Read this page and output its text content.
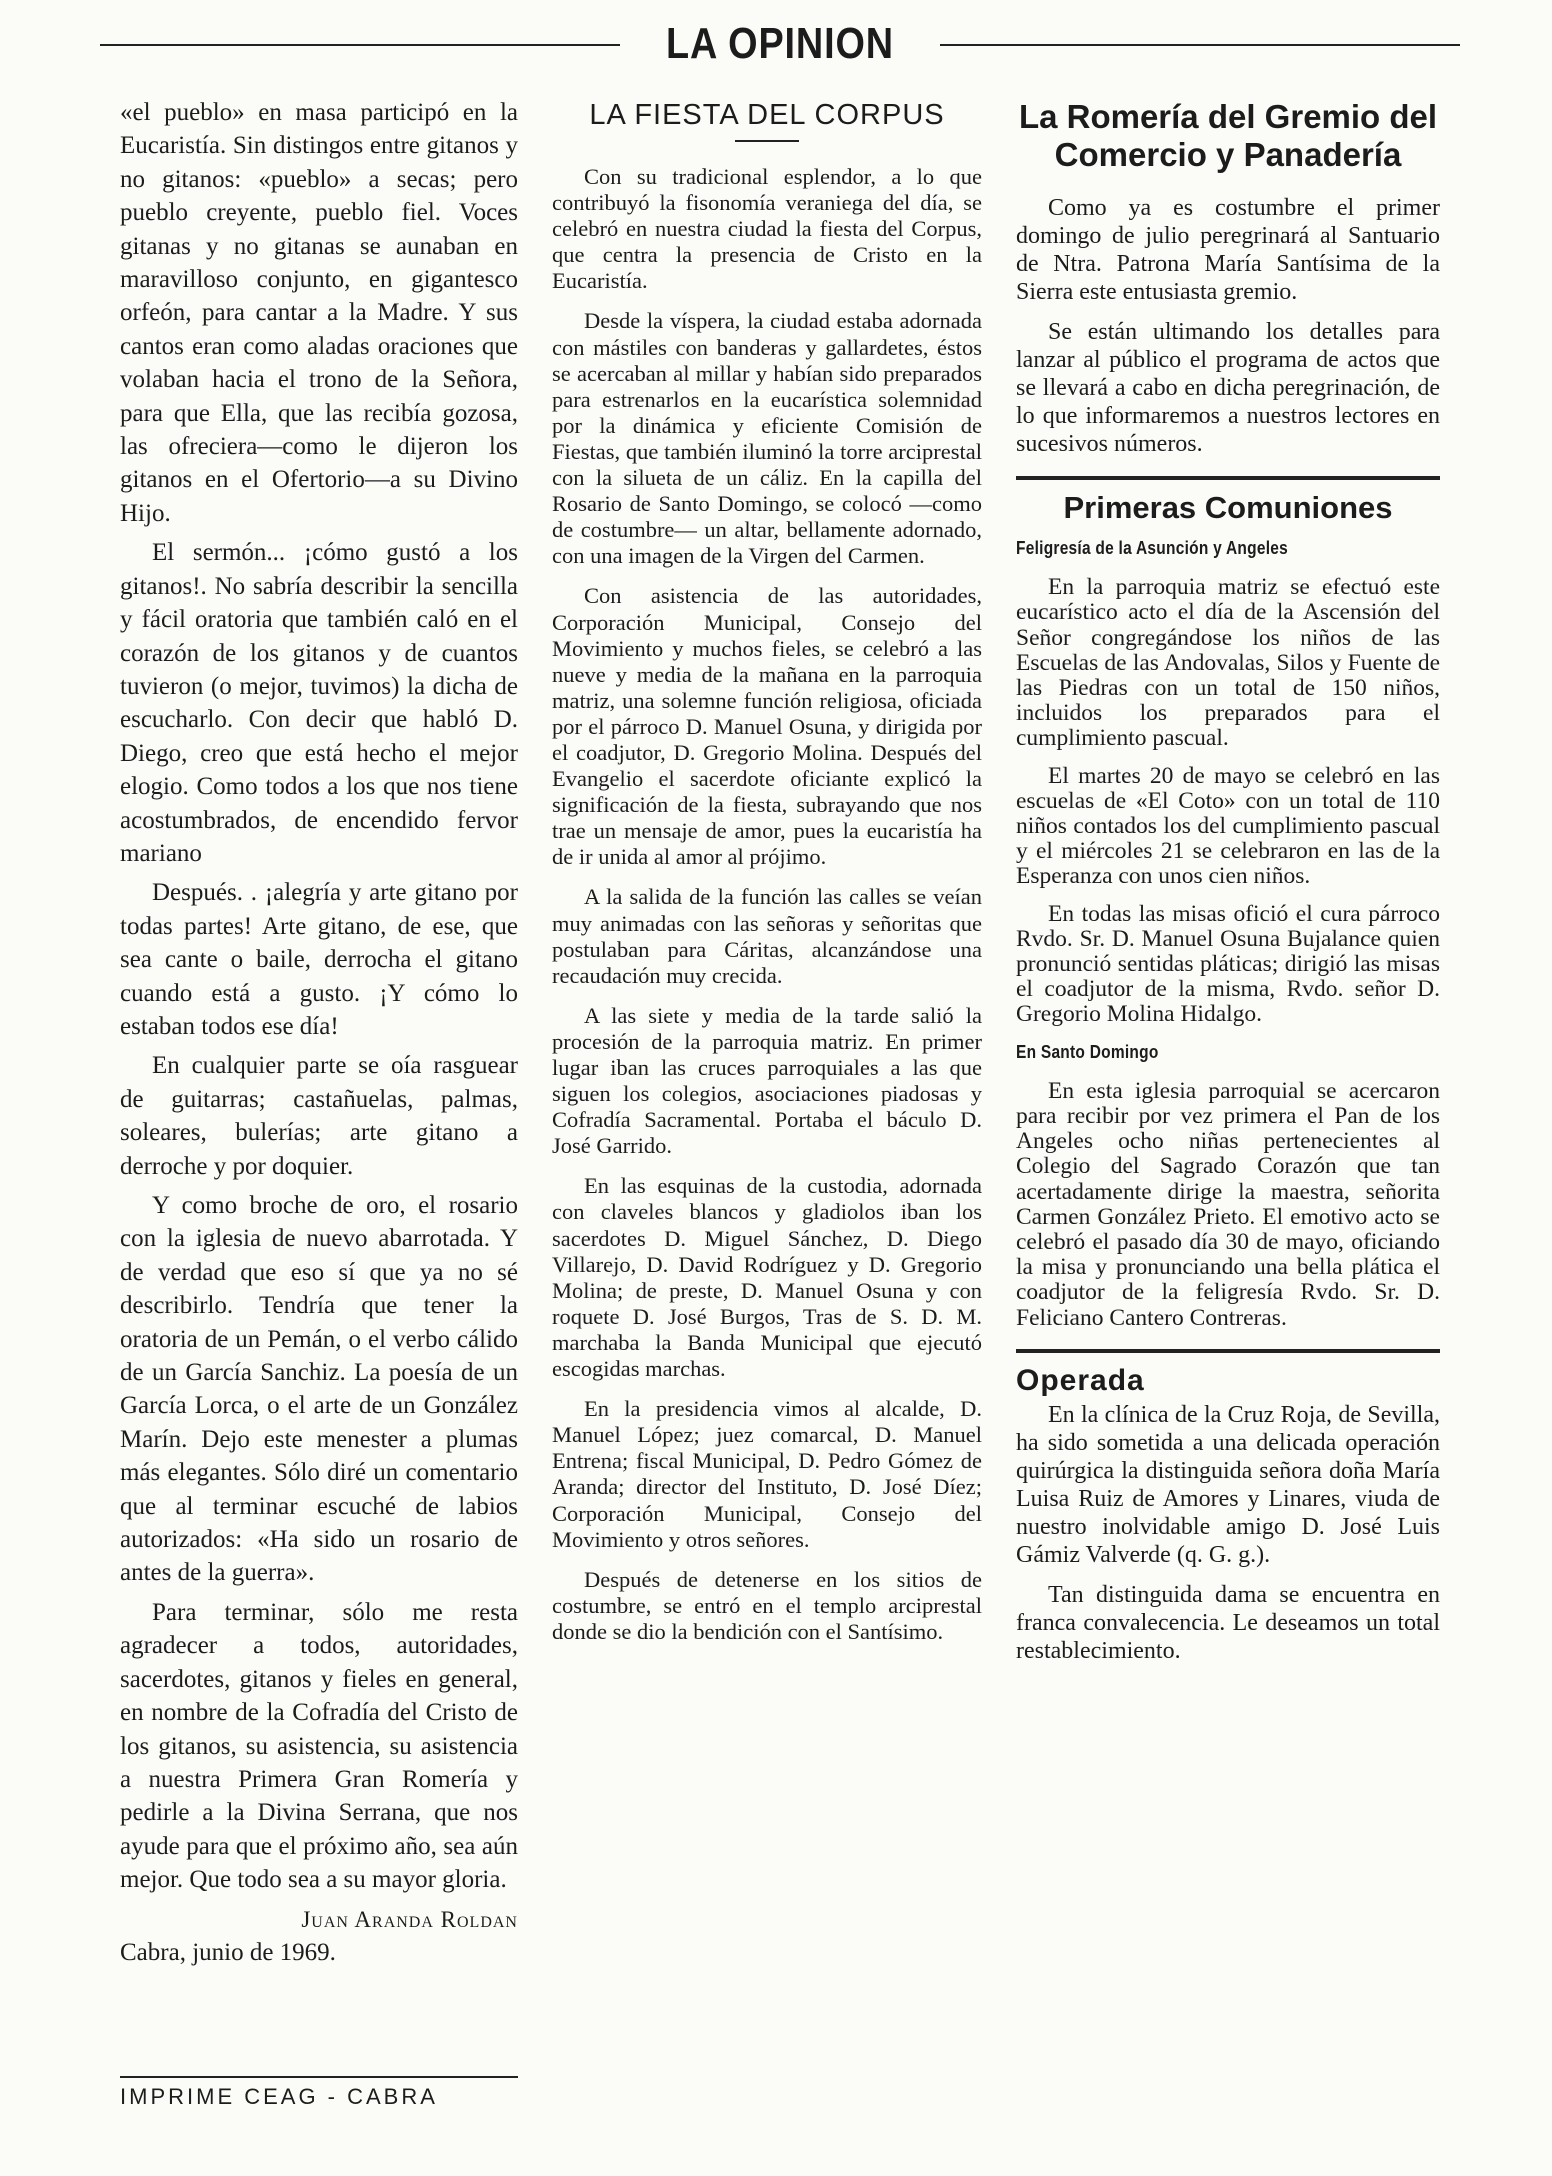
LA OPINION

«el pueblo» en masa participó en la Eucaristía. Sin distingos entre gitanos y no gitanos: «pueblo» a secas; pero pueblo creyente, pueblo fiel. Voces gitanas y no gitanas se aunaban en maravilloso conjunto, en gigantesco orfeón, para cantar a la Madre. Y sus cantos eran como aladas oraciones que volaban hacia el trono de la Señora, para que Ella, que las recibía gozosa, las ofreciera—como le dijeron los gitanos en el Ofertorio—a su Divino Hijo.

El sermón... ¡cómo gustó a los gitanos!. No sabría describir la sencilla y fácil oratoria que también caló en el corazón de los gitanos y de cuantos tuvieron (o mejor, tuvimos) la dicha de escucharlo. Con decir que habló D. Diego, creo que está hecho el mejor elogio. Como todos a los que nos tiene acostumbrados, de encendido fervor mariano

Después. . ¡alegría y arte gitano por todas partes! Arte gitano, de ese, que sea cante o baile, derrocha el gitano cuando está a gusto. ¡Y cómo lo estaban todos ese día!

En cualquier parte se oía rasguear de guitarras; castañuelas, palmas, soleares, bulerías; arte gitano a derroche y por doquier.

Y como broche de oro, el rosario con la iglesia de nuevo abarrotada. Y de verdad que eso sí que ya no sé describirlo. Tendría que tener la oratoria de un Pemán, o el verbo cálido de un García Sanchiz. La poesía de un García Lorca, o el arte de un González Marín. Dejo este menester a plumas más elegantes. Sólo diré un comentario que al terminar escuché de labios autorizados: «Ha sido un rosario de antes de la guerra».

Para terminar, sólo me resta agradecer a todos, autoridades, sacerdotes, gitanos y fieles en general, en nombre de la Cofradía del Cristo de los gitanos, su asistencia, su asistencia a nuestra Primera Gran Romería y pedirle a la Divina Serrana, que nos ayude para que el próximo año, sea aún mejor. Que todo sea a su mayor gloria.

Juan Aranda Roldan

Cabra, junio de 1969.

IMPRIME CEAG - CABRA
LA FIESTA DEL CORPUS

Con su tradicional esplendor, a lo que contribuyó la fisonomía veraniega del día, se celebró en nuestra ciudad la fiesta del Corpus, que centra la presencia de Cristo en la Eucaristía.

Desde la víspera, la ciudad estaba adornada con mástiles con banderas y gallardetes, éstos se acercaban al millar y habían sido preparados para estrenarlos en la eucarística solemnidad por la dinámica y eficiente Comisión de Fiestas, que también iluminó la torre arciprestal con la silueta de un cáliz. En la capilla del Rosario de Santo Domingo, se colocó —como de costumbre— un altar, bellamente adornado, con una imagen de la Virgen del Carmen.

Con asistencia de las autoridades, Corporación Municipal, Consejo del Movimiento y muchos fieles, se celebró a las nueve y media de la mañana en la parroquia matriz, una solemne función religiosa, oficiada por el párroco D. Manuel Osuna, y dirigida por el coadjutor, D. Gregorio Molina. Después del Evangelio el sacerdote oficiante explicó la significación de la fiesta, subrayando que nos trae un mensaje de amor, pues la eucaristía ha de ir unida al amor al prójimo.

A la salida de la función las calles se veían muy animadas con las señoras y señoritas que postulaban para Cáritas, alcanzándose una recaudación muy crecida.

A las siete y media de la tarde salió la procesión de la parroquia matriz. En primer lugar iban las cruces parroquiales a las que siguen los colegios, asociaciones piadosas y Cofradía Sacramental. Portaba el báculo D. José Garrido.

En las esquinas de la custodia, adornada con claveles blancos y gladiolos iban los sacerdotes D. Miguel Sánchez, D. Diego Villarejo, D. David Rodríguez y D. Gregorio Molina; de preste, D. Manuel Osuna y con roquete D. José Burgos, Tras de S. D. M. marchaba la Banda Municipal que ejecutó escogidas marchas.

En la presidencia vimos al alcalde, D. Manuel López; juez comarcal, D. Manuel Entrena; fiscal Municipal, D. Pedro Gómez de Aranda; director del Instituto, D. José Díez; Corporación Municipal, Consejo del Movimiento y otros señores.

Después de detenerse en los sitios de costumbre, se entró en el templo arciprestal donde se dio la bendición con el Santísimo.

La Romería del Gremio del Comercio y Panadería

Como ya es costumbre el primer domingo de julio peregrinará al Santuario de Ntra. Patrona María Santísima de la Sierra este entusiasta gremio.

Se están ultimando los detalles para lanzar al público el programa de actos que se llevará a cabo en dicha peregrinación, de lo que informaremos a nuestros lectores en sucesivos números.

Primeras Comuniones
Feligresía de la Asunción y Angeles

En la parroquia matriz se efectuó este eucarístico acto el día de la Ascensión del Señor congregándose los niños de las Escuelas de las Andovalas, Silos y Fuente de las Piedras con un total de 150 niños, incluidos los preparados para el cumplimiento pascual.

El martes 20 de mayo se celebró en las escuelas de «El Coto» con un total de 110 niños contados los del cumplimiento pascual y el miércoles 21 se celebraron en las de la Esperanza con unos cien niños.

En todas las misas ofició el cura párroco Rvdo. Sr. D. Manuel Osuna Bujalance quien pronunció sentidas pláticas; dirigió las misas el coadjutor de la misma, Rvdo. señor D. Gregorio Molina Hidalgo.

En Santo Domingo

En esta iglesia parroquial se acercaron para recibir por vez primera el Pan de los Angeles ocho niñas pertenecientes al Colegio del Sagrado Corazón que tan acertadamente dirige la maestra, señorita Carmen González Prieto. El emotivo acto se celebró el pasado día 30 de mayo, oficiando la misa y pronunciando una bella plática el coadjutor de la feligresía Rvdo. Sr. D. Feliciano Cantero Contreras.

Operada

En la clínica de la Cruz Roja, de Sevilla, ha sido sometida a una delicada operación quirúrgica la distinguida señora doña María Luisa Ruiz de Amores y Linares, viuda de nuestro inolvidable amigo D. José Luis Gámiz Valverde (q. G. g.).

Tan distinguida dama se encuentra en franca convalecencia. Le deseamos un total restablecimiento.
